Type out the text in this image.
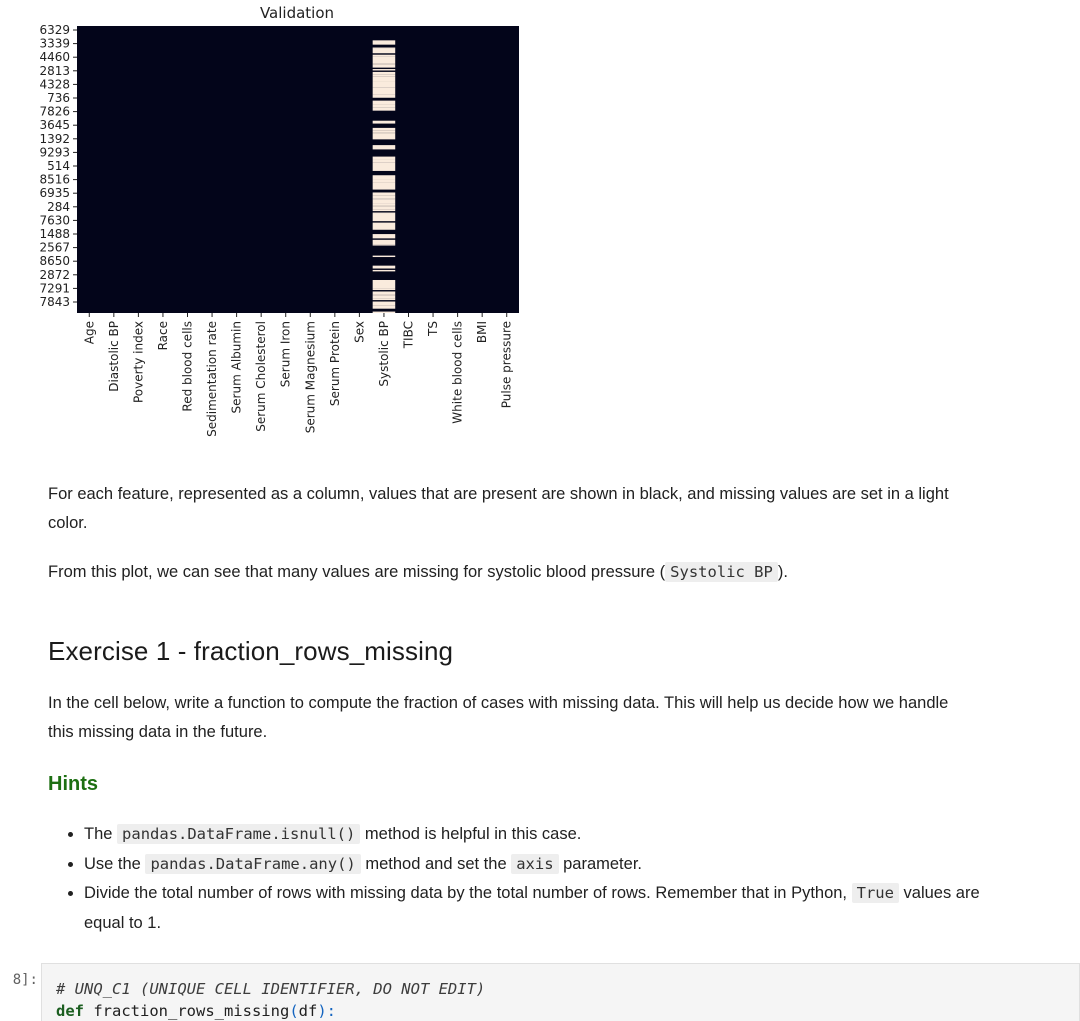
Validation
6329
3339
4460
2813
4328
736
7826
3645
1392
9293
514
8516
6935
284
7630
1488
2567
8650
2872
7291
7843
Age Diastolic BP Poverty index Race Red blood cells Sedimentation rate Serum Albumin Serum Cholesterol Serum Iron Serum Magnesium Serum Protein Sex Systolic BP TIBC TS White blood cells BMI Pulse pressure

For each feature, represented as a column, values that are present are shown in black, and missing values are set in a light

color.

From this plot, we can see that many values are missing for systolic blood pressure ( Systolic BP ).

Exercise 1 - fraction_rows_missing

In the cell below, write a function to compute the fraction of cases with missing data. This will help us decide how we handle

this missing data in the future.

Hints
• The pandas.DataFrame.isnull() method is helpful in this case.
• Use the pandas.DataFrame.any() method and set the axis parameter.
• Divide the total number of rows with missing data by the total number of rows. Remember that in Python, True values are
equal to 1.
8]:	# UNQ_C1 (UNIQUE CELL IDENTIFIER, DO NOT EDIT)
def fraction_rows_missing(df):
